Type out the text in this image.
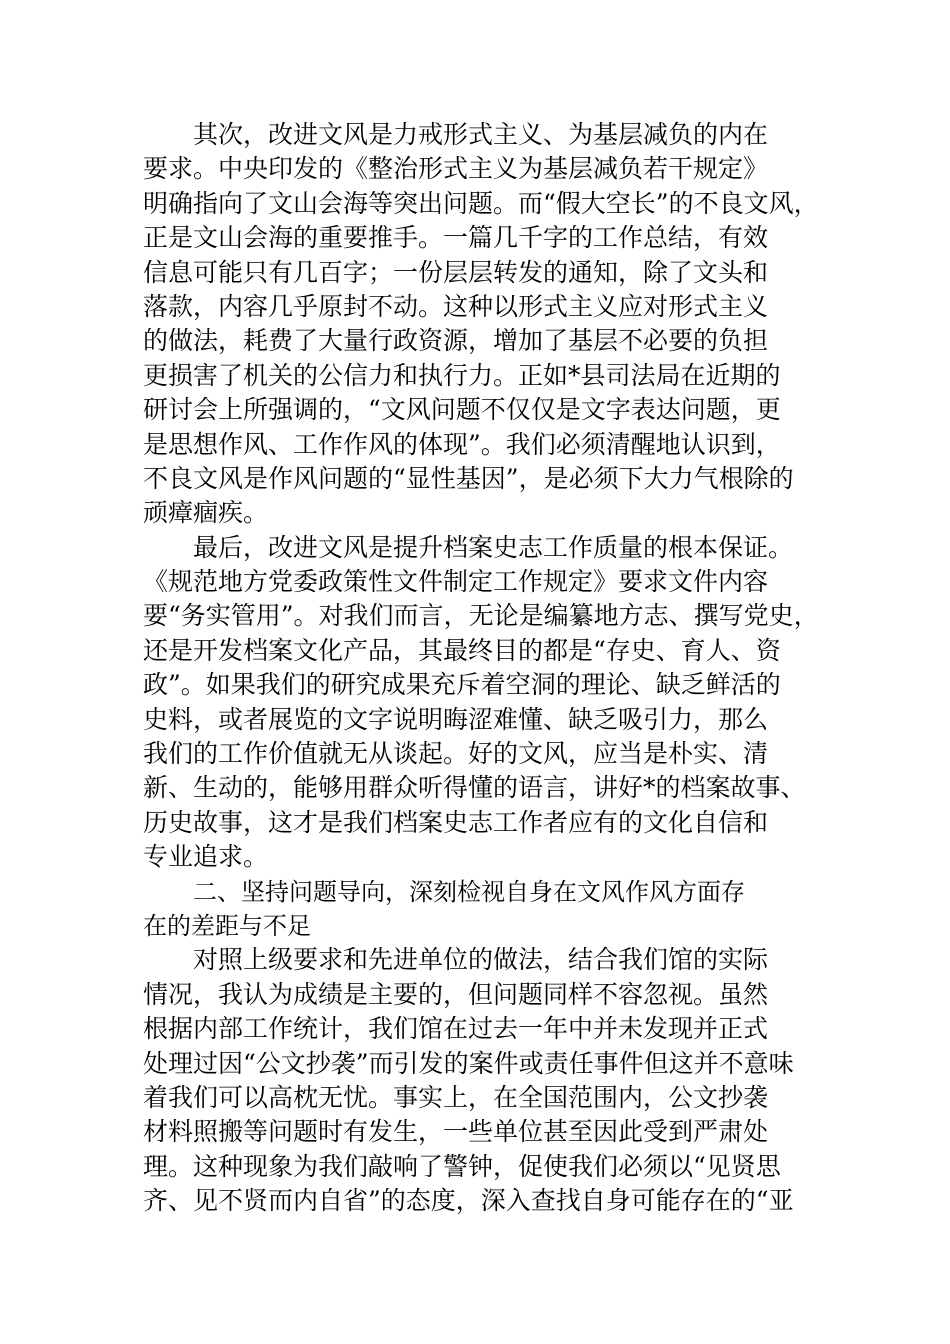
其次，改进文风是力戒形式主义、为基层减负的内在
要求。中央印发的《整治形式主义为基层减负若干规定》
明确指向了文山会海等突出问题。而“假大空长”的不良文风，
正是文山会海的重要推手。一篇几千字的工作总结，有效
信息可能只有几百字；一份层层转发的通知，除了文头和
落款，内容几乎原封不动。这种以形式主义应对形式主义
的做法，耗费了大量行政资源，增加了基层不必要的负担
更损害了机关的公信力和执行力。正如*县司法局在近期的
研讨会上所强调的，“文风问题不仅仅是文字表达问题，更
是思想作风、工作作风的体现”。我们必须清醒地认识到，
不良文风是作风问题的“显性基因”，是必须下大力气根除的
顽瘴痼疾。
最后，改进文风是提升档案史志工作质量的根本保证。
《规范地方党委政策性文件制定工作规定》要求文件内容
要“务实管用”。对我们而言，无论是编纂地方志、撰写党史，
还是开发档案文化产品，其最终目的都是“存史、育人、资
政”。如果我们的研究成果充斥着空洞的理论、缺乏鲜活的
史料，或者展览的文字说明晦涩难懂、缺乏吸引力，那么
我们的工作价值就无从谈起。好的文风，应当是朴实、清
新、生动的，能够用群众听得懂的语言，讲好*的档案故事、
历史故事，这才是我们档案史志工作者应有的文化自信和
专业追求。
二、坚持问题导向，深刻检视自身在文风作风方面存
在的差距与不足
对照上级要求和先进单位的做法，结合我们馆的实际
情况，我认为成绩是主要的，但问题同样不容忽视。虽然
根据内部工作统计，我们馆在过去一年中并未发现并正式
处理过因“公文抄袭”而引发的案件或责任事件但这并不意味
着我们可以高枕无忧。事实上，在全国范围内，公文抄袭
材料照搬等问题时有发生，一些单位甚至因此受到严肃处
理。这种现象为我们敲响了警钟，促使我们必须以“见贤思
齐、见不贤而内自省”的态度，深入查找自身可能存在的“亚
